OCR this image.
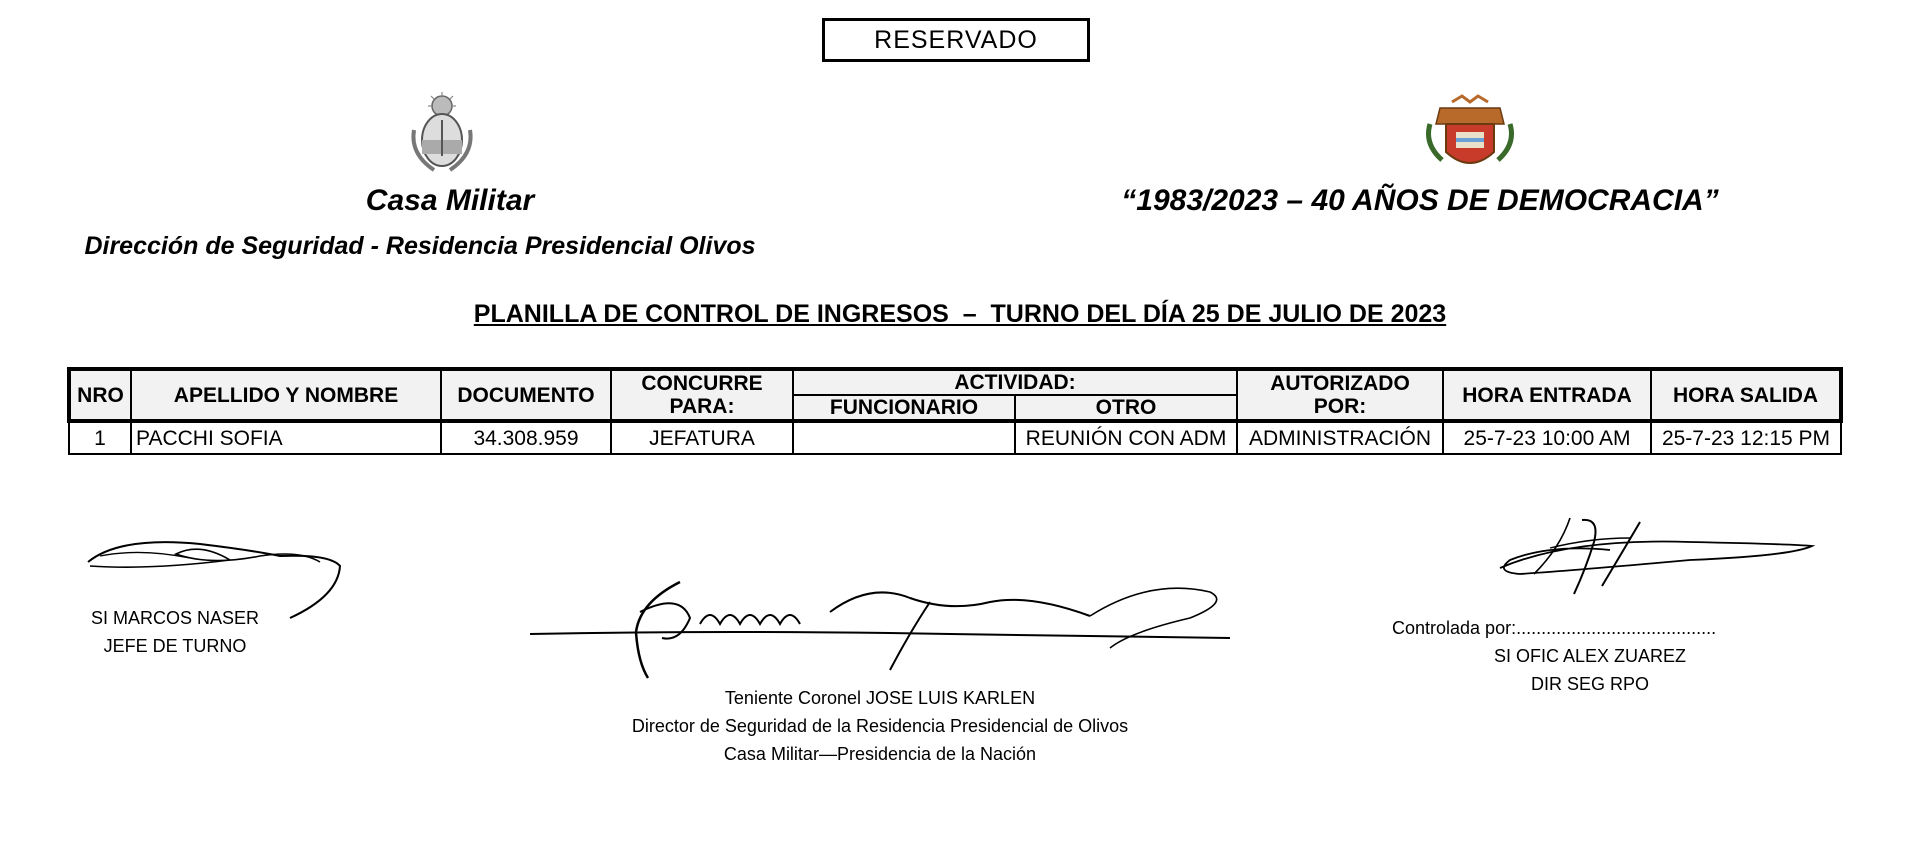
RESERVADO
Casa Militar
Dirección de Seguridad - Residencia Presidencial Olivos
“1983/2023 – 40 AÑOS DE DEMOCRACIA”
PLANILLA DE CONTROL DE INGRESOS  –  TURNO DEL DÍA 25 DE JULIO DE 2023
NRO	APELLIDO Y NOMBRE	DOCUMENTO	CONCURRE PARA:	ACTIVIDAD:		AUTORIZADO POR:	HORA ENTRADA	HORA SALIDA
				FUNCIONARIO	OTRO			
1	PACCHI SOFIA	34.308.959	JEFATURA		REUNIÓN CON ADM	ADMINISTRACIÓN	25-7-23 10:00 AM	25-7-23 12:15 PM
SI MARCOS NASER
JEFE DE TURNO
Teniente Coronel JOSE LUIS KARLEN
Director de Seguridad de la Residencia Presidencial de Olivos
Casa Militar—Presidencia de la Nación
Controlada por:........................................
SI OFIC ALEX ZUAREZ
DIR SEG RPO
